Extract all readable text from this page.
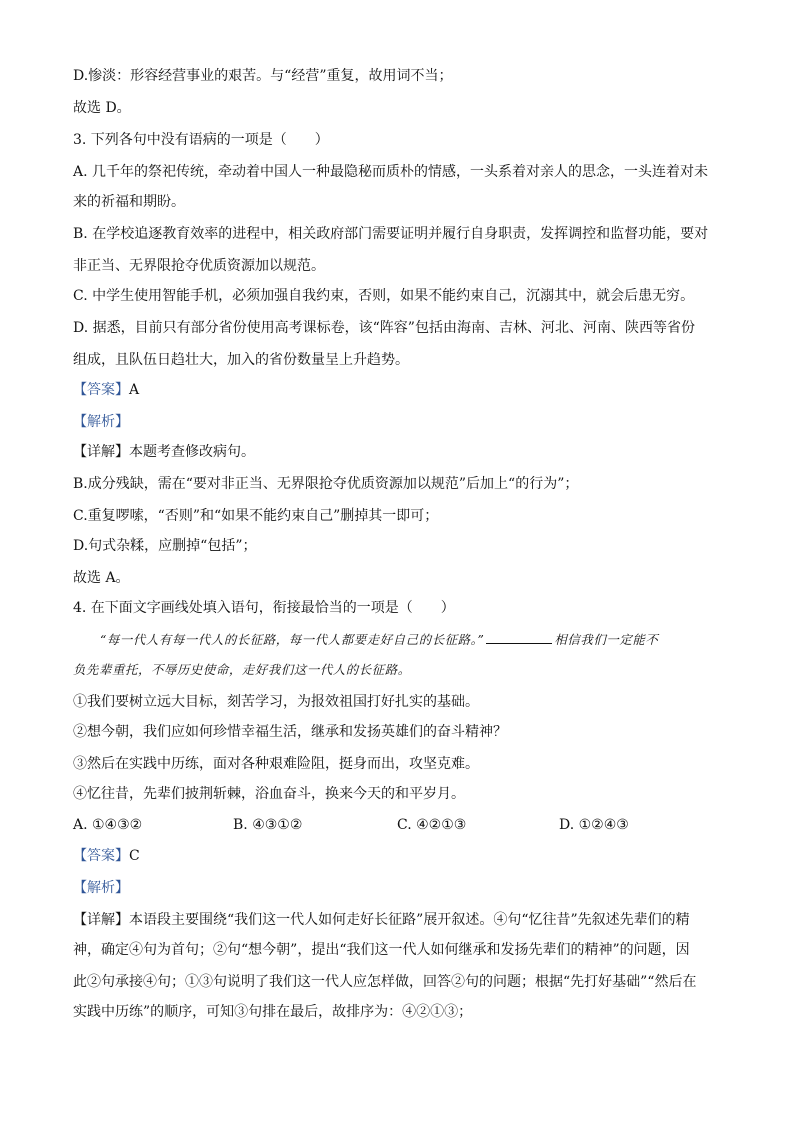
D.惨淡：形容经营事业的艰苦。与“经营”重复，故用词不当；
故选 D。
3. 下列各句中没有语病的一项是（　　）
A. 几千年的祭祀传统，牵动着中国人一种最隐秘而质朴的情感，一头系着对亲人的思念，一头连着对未
来的祈福和期盼。
B. 在学校追逐教育效率的进程中，相关政府部门需要证明并履行自身职责，发挥调控和监督功能，要对
非正当、无界限抢夺优质资源加以规范。
C. 中学生使用智能手机，必须加强自我约束，否则，如果不能约束自己，沉溺其中，就会后患无穷。
D. 据悉，目前只有部分省份使用高考课标卷，该“阵容”包括由海南、吉林、河北、河南、陕西等省份
组成，且队伍日趋壮大，加入的省份数量呈上升趋势。
【答案】A
【解析】
【详解】本题考查修改病句。
B.成分残缺，需在“要对非正当、无界限抢夺优质资源加以规范”后加上“的行为”；
C.重复啰嗦，“否则”和“如果不能约束自己”删掉其一即可；
D.句式杂糅，应删掉“包括”；
故选 A。
4. 在下面文字画线处填入语句，衔接最恰当的一项是（　　）
“每一代人有每一代人的长征路，每一代人都要走好自己的长征路。”	相信我们一定能不
负先辈重托，不辱历史使命，走好我们这一代人的长征路。
①我们要树立远大目标，刻苦学习，为报效祖国打好扎实的基础。
②想今朝，我们应如何珍惜幸福生活，继承和发扬英雄们的奋斗精神？
③然后在实践中历练，面对各种艰难险阻，挺身而出，攻坚克难。
④忆往昔，先辈们披荆斩棘，浴血奋斗，换来今天的和平岁月。
A. ①④③②	B. ④③①②	C. ④②①③	D. ①②④③
【答案】C
【解析】
【详解】本语段主要围绕“我们这一代人如何走好长征路”展开叙述。④句“忆往昔”先叙述先辈们的精
神，确定④句为首句；②句“想今朝”，提出“我们这一代人如何继承和发扬先辈们的精神”的问题，因
此②句承接④句；①③句说明了我们这一代人应怎样做，回答②句的问题；根据“先打好基础”“然后在
实践中历练”的顺序，可知③句排在最后，故排序为：④②①③；
